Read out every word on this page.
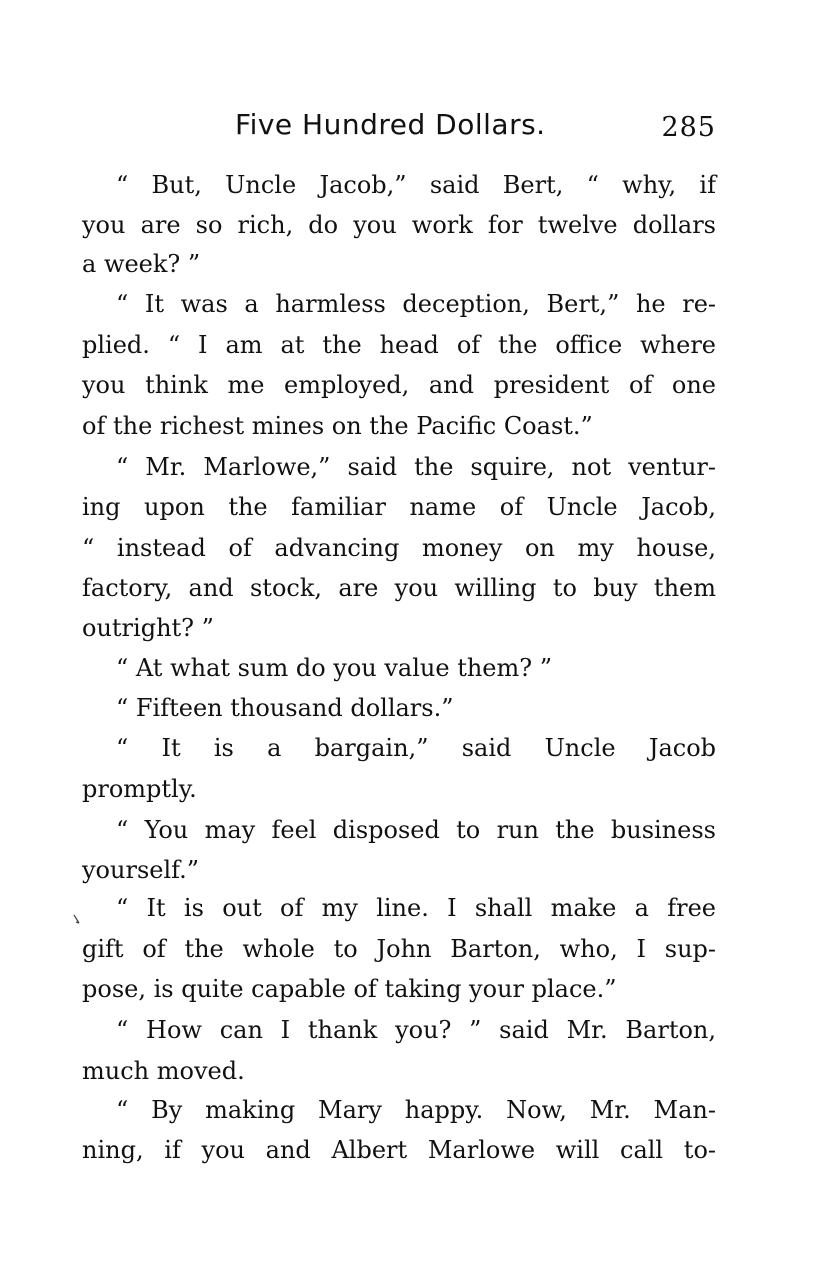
Five Hundred Dollars.	285
“ But, Uncle Jacob,” said Bert, “ why, if
you are so rich, do you work for twelve dollars
a week? ”
“ It was a harmless deception, Bert,” he re-
plied. “ I am at the head of the office where
you think me employed, and president of one
of the richest mines on the Pacific Coast.”
“ Mr. Marlowe,” said the squire, not ventur-
ing upon the familiar name of Uncle Jacob,
“ instead of advancing money on my house,
factory, and stock, are you willing to buy them
outright? ”
“ At what sum do you value them? ”
“ Fifteen thousand dollars.”
“ It is a bargain,” said Uncle Jacob
promptly.
“ You may feel disposed to run the business
yourself.”
“ It is out of my line. I shall make a free
gift of the whole to John Barton, who, I sup-
pose, is quite capable of taking your place.”
“ How can I thank you? ” said Mr. Barton,
much moved.
“ By making Mary happy. Now, Mr. Man-
ning, if you and Albert Marlowe will call to-
